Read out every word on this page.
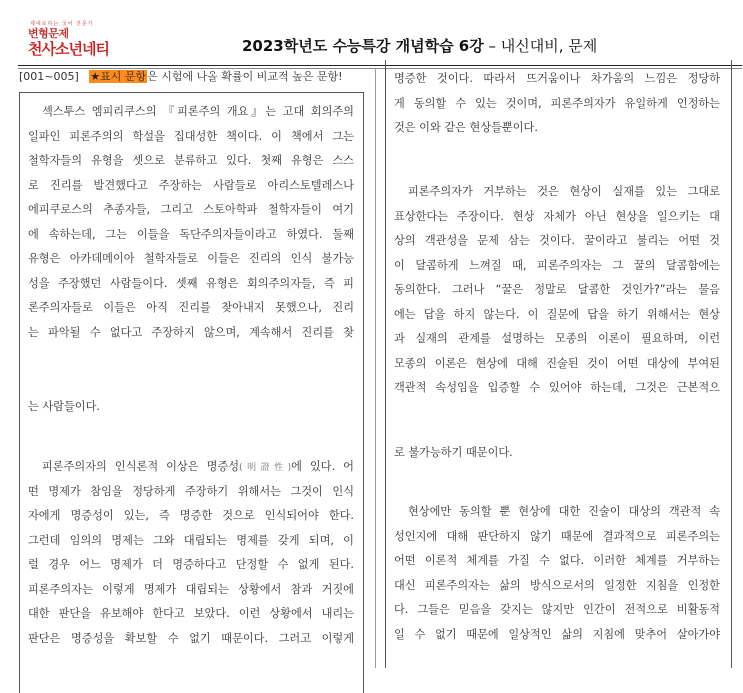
제대로하는 국어 전문가
변형문제
천사소년네티	2023학년도 수능특강 개념학습 6강 – 내신대비, 문제
[001~005] ★표시 문항은 시험에 나올 확률이 비교적 높은 문항!
섹스투스 엠피리쿠스의 『피론주의 개요』는 고대 회의주의
일파인 피론주의의 학설을 집대성한 책이다. 이 책에서 그는
철학자들의 유형을 셋으로 분류하고 있다. 첫째 유형은 스스
로 진리를 발견했다고 주장하는 사람들로 아리스토텔레스나
에피쿠로스의 추종자들, 그리고 스토아학파 철학자들이 여기
에 속하는데, 그는 이들을 독단주의자들이라고 하였다. 둘째
유형은 아카데메이아 철학자들로 이들은 진리의 인식 불가능
성을 주장했던 사람들이다. 셋째 유형은 회의주의자들, 즉 피
론주의자들로 이들은 아직 진리를 찾아내지 못했으나, 진리
는 파악될 수 없다고 주장하지 않으며, 계속해서 진리를 찾
는 사람들이다.
피론주의자의 인식론적 이상은 명증성(明證性)에 있다. 어
떤 명제가 참임을 정당하게 주장하기 위해서는 그것이 인식
자에게 명증성이 있는, 즉 명증한 것으로 인식되어야 한다.
그런데 임의의 명제는 그와 대립되는 명제를 갖게 되며, 이
럴 경우 어느 명제가 더 명증하다고 단정할 수 없게 된다.
피론주의자는 이렇게 명제가 대립되는 상황에서 참과 거짓에
대한 판단을 유보해야 한다고 보았다. 이런 상황에서 내리는
판단은 명증성을 확보할 수 없기 때문이다. 그러고 이렇게
명증한 것이다. 따라서 뜨거움이나 차가움의 느낌은 정당하
게 동의할 수 있는 것이며, 피론주의자가 유일하게 인정하는
것은 이와 같은 현상들뿐이다.
피론주의자가 거부하는 것은 현상이 실재를 있는 그대로
표상한다는 주장이다. 현상 자체가 아닌 현상을 일으키는 대
상의 객관성을 문제 삼는 것이다. 꿀이라고 불리는 어떤 것
이 달콤하게 느껴질 때, 피론주의자는 그 꿀의 달콤함에는
동의한다. 그러나 “꿀은 정말로 달콤한 것인가?”라는 물음
에는 답을 하지 않는다. 이 질문에 답을 하기 위해서는 현상
과 실재의 관계를 설명하는 모종의 이론이 필요하며, 이런
모종의 이론은 현상에 대해 진술된 것이 어떤 대상에 부여된
객관적 속성임을 입증할 수 있어야 하는데, 그것은 근본적으
로 불가능하기 때문이다.
현상에만 동의할 뿐 현상에 대한 진술이 대상의 객관적 속
성인지에 대해 판단하지 않기 때문에 결과적으로 피론주의는
어떤 이론적 체계를 가질 수 없다. 이러한 체계를 거부하는
대신 피론주의자는 삶의 방식으로서의 일정한 지침을 인정한
다. 그들은 믿음을 갖지는 않지만 인간이 전적으로 비활동적
일 수 없기 때문에 일상적인 삶의 지침에 맞추어 살아가야
